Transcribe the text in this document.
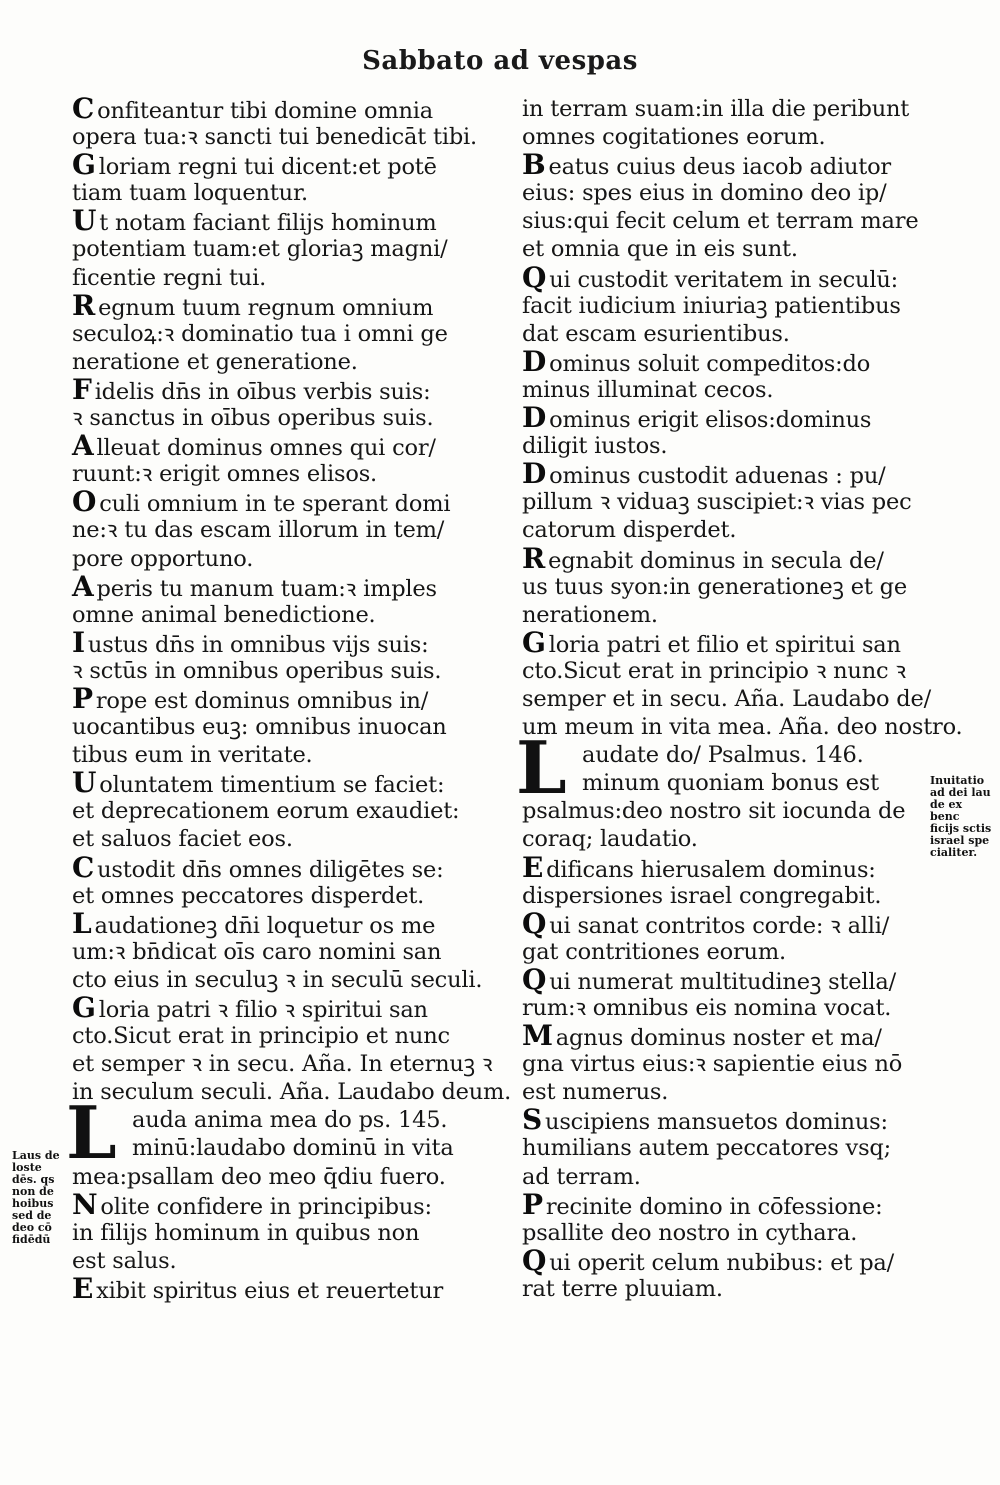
Sabbato ad vespas
C onfiteantur tibi domine omnia
opera tua:ꝛ sancti tui benedicāt tibi.
G loriam regni tui dicent:et potē
tiam tuam loquentur.
U t notam faciant filijs hominum
potentiam tuam:et gloriaꝫ magni/
ficentie regni tui.
R egnum tuum regnum omnium
seculoꝝ:ꝛ dominatio tua i omni ge
neratione et generatione.
F idelis dn̄s in oībus verbis suis:
ꝛ sanctus in oībus operibus suis.
A lleuat dominus omnes qui cor/
ruunt:ꝛ erigit omnes elisos.
O culi omnium in te sperant domi
ne:ꝛ tu das escam illorum in tem/
pore opportuno.
A peris tu manum tuam:ꝛ imples
omne animal benedictione.
I ustus dn̄s in omnibus vijs suis:
ꝛ sctūs in omnibus operibus suis.
P rope est dominus omnibus in/
uocantibus euꝫ: omnibus inuocan
tibus eum in veritate.
U oluntatem timentium se faciet:
et deprecationem eorum exaudiet:
et saluos faciet eos.
C ustodit dn̄s omnes diligētes se:
et omnes peccatores disperdet.
L audationeꝫ dn̄i loquetur os me
um:ꝛ bn̄dicat oīs caro nomini san
cto eius in seculuꝫ ꝛ in seculū seculi.
G loria patri ꝛ filio ꝛ spiritui san
cto.Sicut erat in principio et nunc
et semper ꝛ in secu. Aña. In eternuꝫ ꝛ
in seculum seculi. Aña. Laudabo deum.
L auda anima mea do ps. 145.
minū:laudabo dominū in vita
mea:psallam deo meo q̄diu fuero.
N olite confidere in principibus:
in filijs hominum in quibus non
est salus.
E xibit spiritus eius et reuertetur
in terram suam:in illa die peribunt
omnes cogitationes eorum.
B eatus cuius deus iacob adiutor
eius: spes eius in domino deo ip/
sius:qui fecit celum et terram mare
et omnia que in eis sunt.
Q ui custodit veritatem in seculū:
facit iudicium iniuriaꝫ patientibus
dat escam esurientibus.
D ominus soluit compeditos:do
minus illuminat cecos.
D ominus erigit elisos:dominus
diligit iustos.
D ominus custodit aduenas : pu/
pillum ꝛ viduaꝫ suscipiet:ꝛ vias pec
catorum disperdet.
R egnabit dominus in secula de/
us tuus syon:in generationeꝫ et ge
nerationem.
G loria patri et filio et spiritui san
cto.Sicut erat in principio ꝛ nunc ꝛ
semper et in secu. Aña. Laudabo de/
um meum in vita mea. Aña. deo nostro.
L audate do/ Psalmus. 146.
minum quoniam bonus est
psalmus:deo nostro sit iocunda de
coraq; laudatio.
E dificans hierusalem dominus:
dispersiones israel congregabit.
Q ui sanat contritos corde: ꝛ alli/
gat contritiones eorum.
Q ui numerat multitudineꝫ stella/
rum:ꝛ omnibus eis nomina vocat.
M agnus dominus noster et ma/
gna virtus eius:ꝛ sapientie eius nō
est numerus.
S uscipiens mansuetos dominus:
humilians autem peccatores vsq;
ad terram.
P recinite domino in cōfessione:
psallite deo nostro in cythara.
Q ui operit celum nubibus: et pa/
rat terre pluuiam.
Laus de loste dēs. qs non de hoibus sed de deo cō fidēdū
Inuitatio ad dei lau de ex benc ficijs sctis israel spe cialiter.
